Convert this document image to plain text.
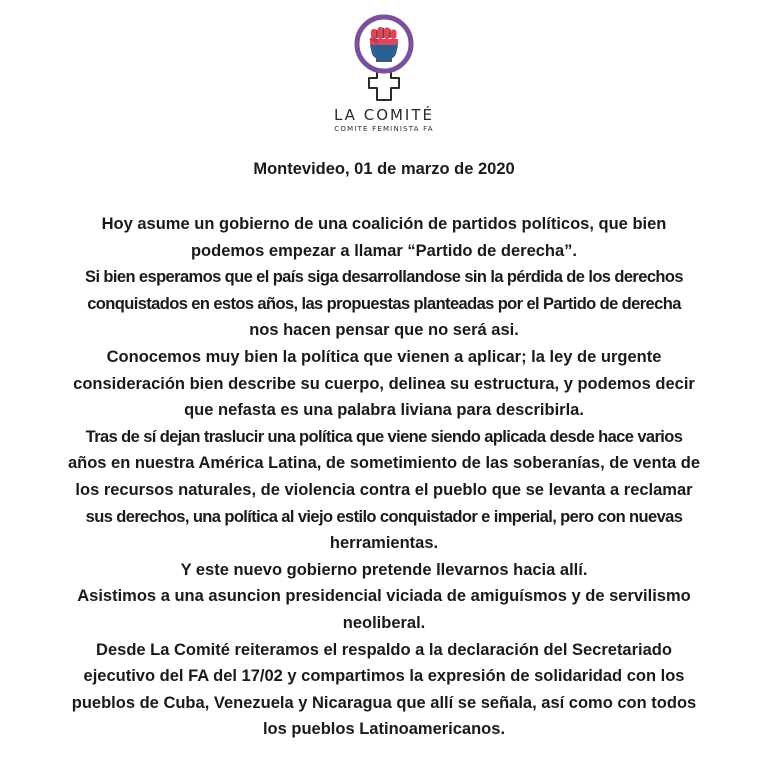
LA COMITÉ
COMITE FEMINISTA FA
Montevideo, 01 de marzo de 2020
Hoy asume un gobierno de una coalición de partidos políticos, que bien
podemos empezar a llamar “Partido de derecha”.
Si bien esperamos que el país siga desarrollandose sin la pérdida de los derechos
conquistados en estos años, las propuestas planteadas por el Partido de derecha
nos hacen pensar que no será asi.
Conocemos muy bien la política que vienen a aplicar; la ley de urgente
consideración bien describe su cuerpo, delinea su estructura, y podemos decir
que nefasta es una palabra liviana para describirla.
Tras de sí dejan traslucir una política que viene siendo aplicada desde hace varios
años en nuestra América Latina, de sometimiento de las soberanías, de venta de
los recursos naturales, de violencia contra el pueblo que se levanta a reclamar
sus derechos, una política al viejo estilo conquistador e imperial, pero con nuevas
herramientas.
Y este nuevo gobierno pretende llevarnos hacia allí.
Asistimos a una asuncion presidencial viciada de amiguísmos y de servilismo
neoliberal.
Desde La Comité reiteramos el respaldo a la declaración del Secretariado
ejecutivo del FA del 17/02 y compartimos la expresión de solidaridad con los
pueblos de Cuba, Venezuela y Nicaragua que allí se señala, así como con todos
los pueblos Latinoamericanos.
